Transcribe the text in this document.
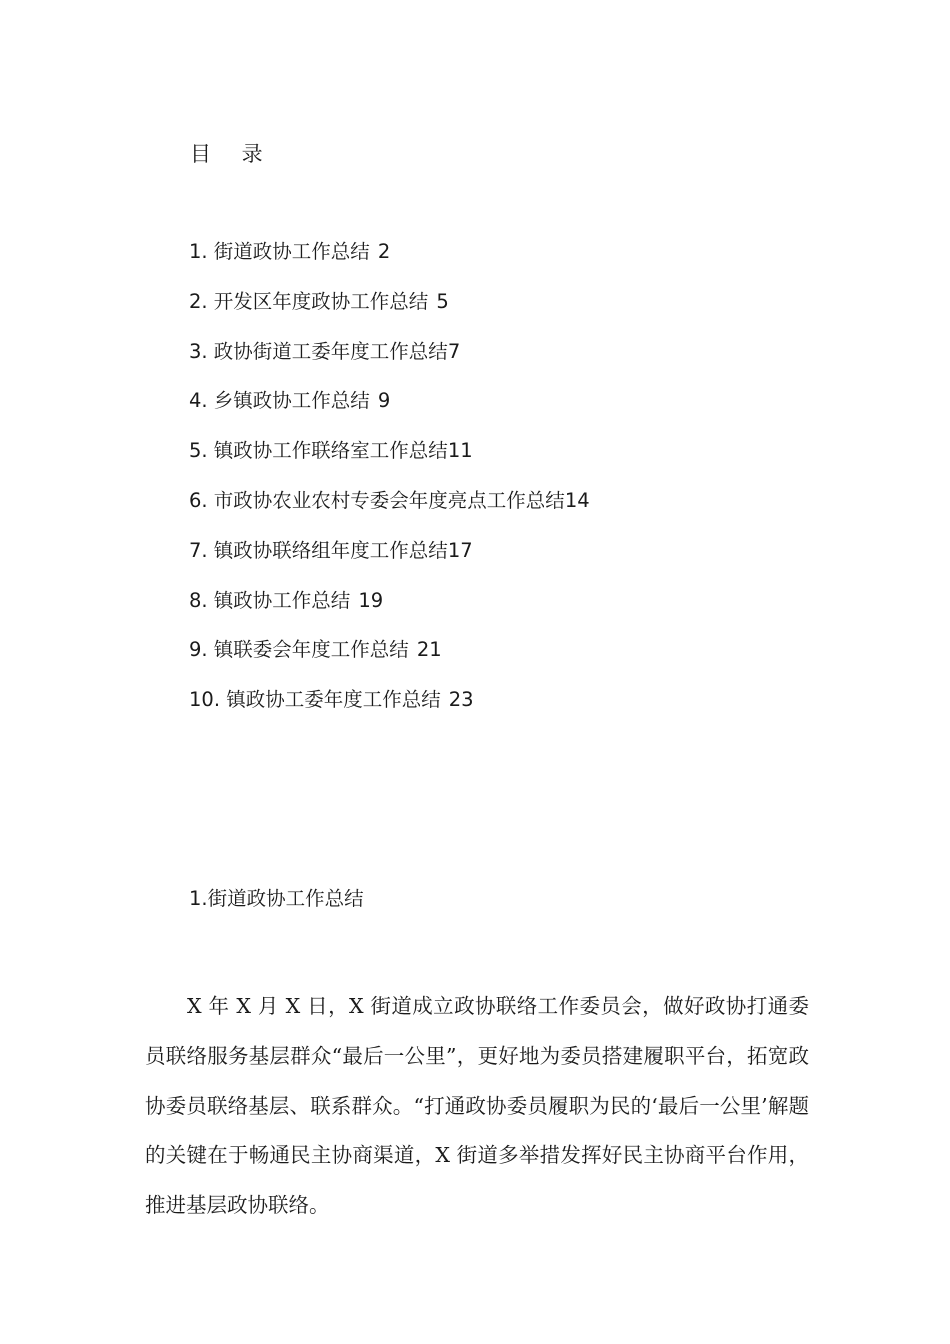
目 录
1. 街道政协工作总结 2
2. 开发区年度政协工作总结 5
3. 政协街道工委年度工作总结7
4. 乡镇政协工作总结 9
5. 镇政协工作联络室工作总结11
6. 市政协农业农村专委会年度亮点工作总结14
7. 镇政协联络组年度工作总结17
8. 镇政协工作总结 19
9. 镇联委会年度工作总结 21
10. 镇政协工委年度工作总结 23
1.街道政协工作总结

X 年 X 月 X 日，X 街道成立政协联络工作委员会，做好政协打通委员联络服务基层群众“最后一公里”，更好地为委员搭建履职平台，拓宽政协委员联络基层、联系群众。“打通政协委员履职为民的‘最后一公里’解题的关键在于畅通民主协商渠道，X 街道多举措发挥好民主协商平台作用，推进基层政协联络。
